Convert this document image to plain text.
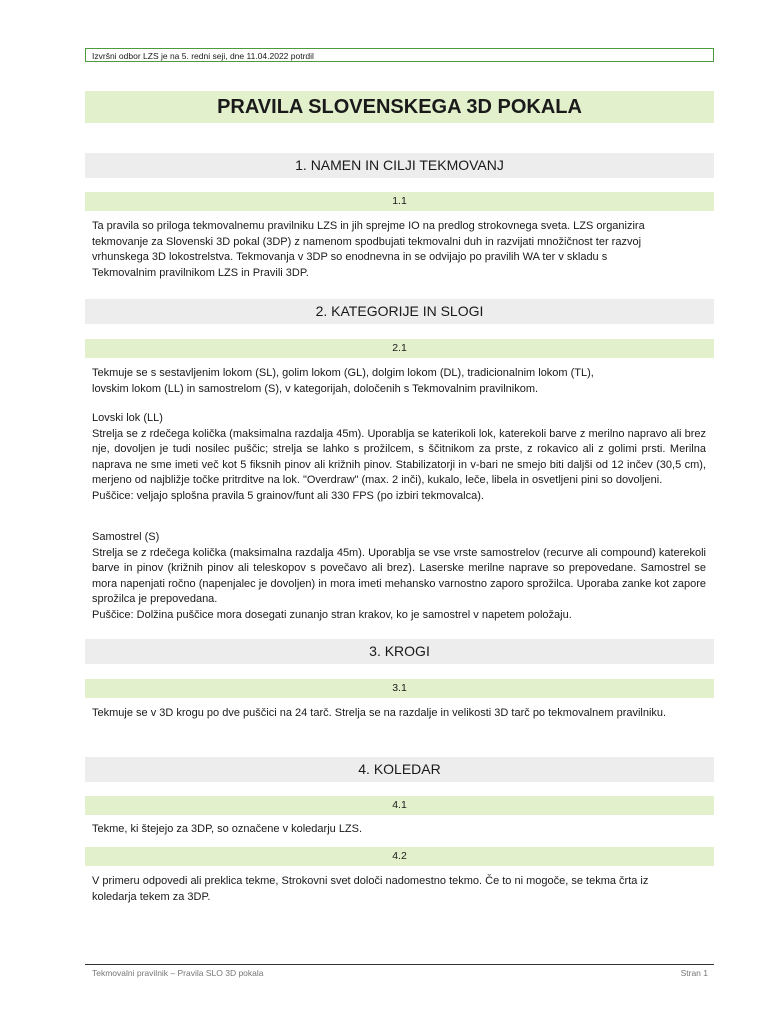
Izvršni odbor LZS je na 5. redni seji, dne 11.04.2022 potrdil
PRAVILA SLOVENSKEGA 3D POKALA
1. NAMEN IN CILJI TEKMOVANJ
1.1
Ta pravila so priloga tekmovalnemu pravilniku LZS in jih sprejme IO na predlog strokovnega sveta. LZS organizira
tekmovanje za Slovenski 3D pokal (3DP) z namenom spodbujati tekmovalni duh in razvijati množičnost ter razvoj
vrhunskega 3D lokostrelstva. Tekmovanja v 3DP so enodnevna in se odvijajo po pravilih WA ter v skladu s
Tekmovalnim pravilnikom LZS in Pravili 3DP.
2. KATEGORIJE IN SLOGI
2.1
Tekmuje se s sestavljenim lokom (SL), golim lokom (GL), dolgim lokom (DL), tradicionalnim lokom (TL),
lovskim lokom (LL) in samostrelom (S), v kategorijah, določenih s Tekmovalnim pravilnikom.
Lovski lok (LL)
Strelja se z rdečega količka (maksimalna razdalja 45m). Uporablja se katerikoli lok, katerekoli barve z merilno napravo ali brez nje, dovoljen je tudi nosilec puščic; strelja se lahko s prožilcem, s ščitnikom za prste, z rokavico ali z golimi prsti. Merilna naprava ne sme imeti več kot 5 fiksnih pinov ali križnih pinov. Stabilizatorji in v-bari ne smejo biti daljši od 12 inčev (30,5 cm), merjeno od najbližje točke pritrditve na lok. "Overdraw" (max. 2 inči), kukalo, leče, libela in osvetljeni pini so dovoljeni.
Puščice: veljajo splošna pravila 5 grainov/funt ali 330 FPS (po izbiri tekmovalca).
Samostrel (S)
Strelja se z rdečega količka (maksimalna razdalja 45m). Uporablja se vse vrste samostrelov (recurve ali compound) katerekoli barve in pinov (križnih pinov ali teleskopov s povečavo ali brez). Laserske merilne naprave so prepovedane. Samostrel se mora napenjati ročno (napenjalec je dovoljen) in mora imeti mehansko varnostno zaporo sprožilca. Uporaba zanke kot zapore sprožilca je prepovedana.
Puščice: Dolžina puščice mora dosegati zunanjo stran krakov, ko je samostrel v napetem položaju.
3. KROGI
3.1
Tekmuje se v 3D krogu po dve puščici na 24 tarč. Strelja se na razdalje in velikosti 3D tarč po tekmovalnem pravilniku.
4. KOLEDAR
4.1
Tekme, ki štejejo za 3DP, so označene v koledarju LZS.
4.2
V primeru odpovedi ali preklica tekme, Strokovni svet določi nadomestno tekmo. Če to ni mogoče, se tekma črta iz
koledarja tekem za 3DP.
Tekmovalni pravilnik – Pravila SLO 3D pokala	Stran 1
